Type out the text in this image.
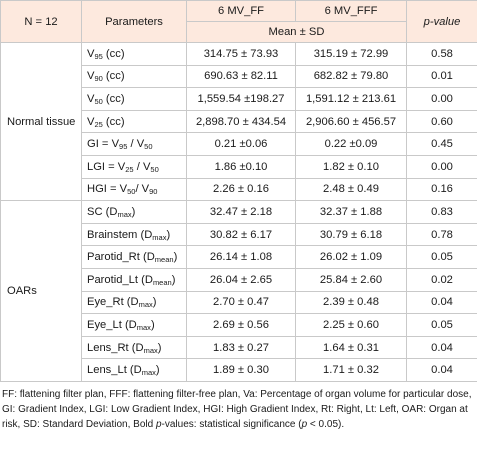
N = 12	Parameters	6 MV_FF	6 MV_FFF	p-value
		Mean ± SD		
Normal tissue	$V_{95}$ (cc)	314.75 ± 73.93	315.19 ± 72.99	0.58
	$V_{90}$ (cc)	690.63 ± 82.11	682.82 ± 79.80	0.01
	$V_{50}$ (cc)	1,559.54 ±198.27	1,591.12 ± 213.61	0.00
	$V_{25}$ (cc)	2,898.70 ± 434.54	2,906.60 ± 456.57	0.60
	GI = $V_{95} / V_{50}$	0.21 ±0.06	0.22 ±0.09	0.45
	LGI = $V_{25} / V_{50}$	1.86 ±0.10	1.82 ± 0.10	0.00
	HGI = $V_{50}/$ $V_{90}$	2.26 ± 0.16	2.48 ± 0.49	0.16
OARs	SC $(D_{max})$	32.47 ± 2.18	32.37 ± 1.88	0.83
	Brainstem $(D_{max})$	30.82 ± 6.17	30.79 ± 6.18	0.78
	Parotid_Rt $(D_{mean})$	26.14 ± 1.08	26.02 ± 1.09	0.05
	Parotid_Lt $(D_{mean})$	26.04 ± 2.65	25.84 ± 2.60	0.02
	Eye_Rt $(D_{max})$	2.70 ± 0.47	2.39 ± 0.48	0.04
	Eye_Lt $(D_{max})$	2.69 ± 0.56	2.25 ± 0.60	0.05
	Lens_Rt $(D_{max})$	1.83 ± 0.27	1.64 ± 0.31	0.04
	Lens_Lt $(D_{max})$	1.89 ± 0.30	1.71 ± 0.32	0.04
FF: flattening filter plan, FFF: flattening filter-free plan, Va: Percentage of organ volume for particular dose, GI: Gradient Index, LGI: Low Gradient Index, HGI: High Gradient Index, Rt: Right, Lt: Left, OAR: Organ at risk, SD: Standard Deviation, Bold p-values: statistical significance (p < 0.05).
